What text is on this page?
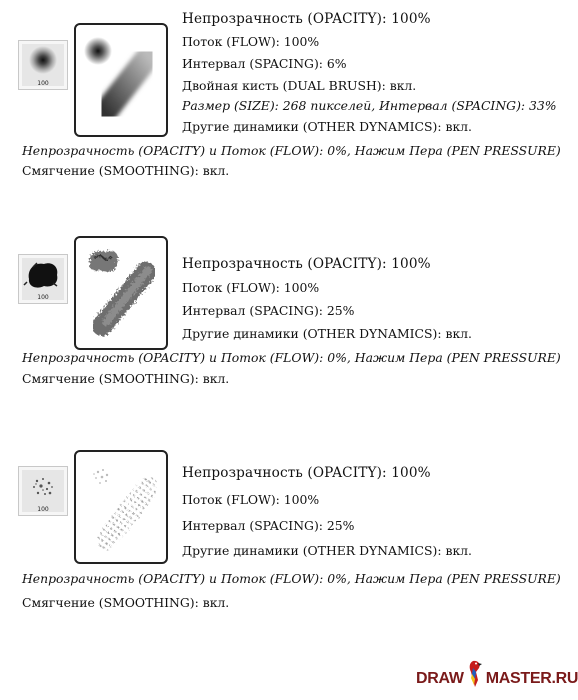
100
Непрозрачность (OPACITY): 100%
Поток (FLOW): 100%
Интервал (SPACING): 6%
Двойная кисть (DUAL BRUSH): вкл.
Размер (SIZE): 268 пикселей, Интервал (SPACING): 33%
Другие динамики (OTHER DYNAMICS): вкл.
Непрозрачность (OPACITY) и Поток (FLOW): 0%, Нажим Пера (PEN PRESSURE)
Смягчение (SMOOTHING): вкл.
100
Непрозрачность (OPACITY): 100%
Поток (FLOW): 100%
Интервал (SPACING): 25%
Другие динамики (OTHER DYNAMICS): вкл.
Непрозрачность (OPACITY) и Поток (FLOW): 0%, Нажим Пера (PEN PRESSURE)
Смягчение (SMOOTHING): вкл.
100
Непрозрачность (OPACITY): 100%
Поток (FLOW): 100%
Интервал (SPACING): 25%
Другие динамики (OTHER DYNAMICS): вкл.
Непрозрачность (OPACITY) и Поток (FLOW): 0%, Нажим Пера (PEN PRESSURE)
Смягчение (SMOOTHING): вкл.
DRAW MASTER.RU
